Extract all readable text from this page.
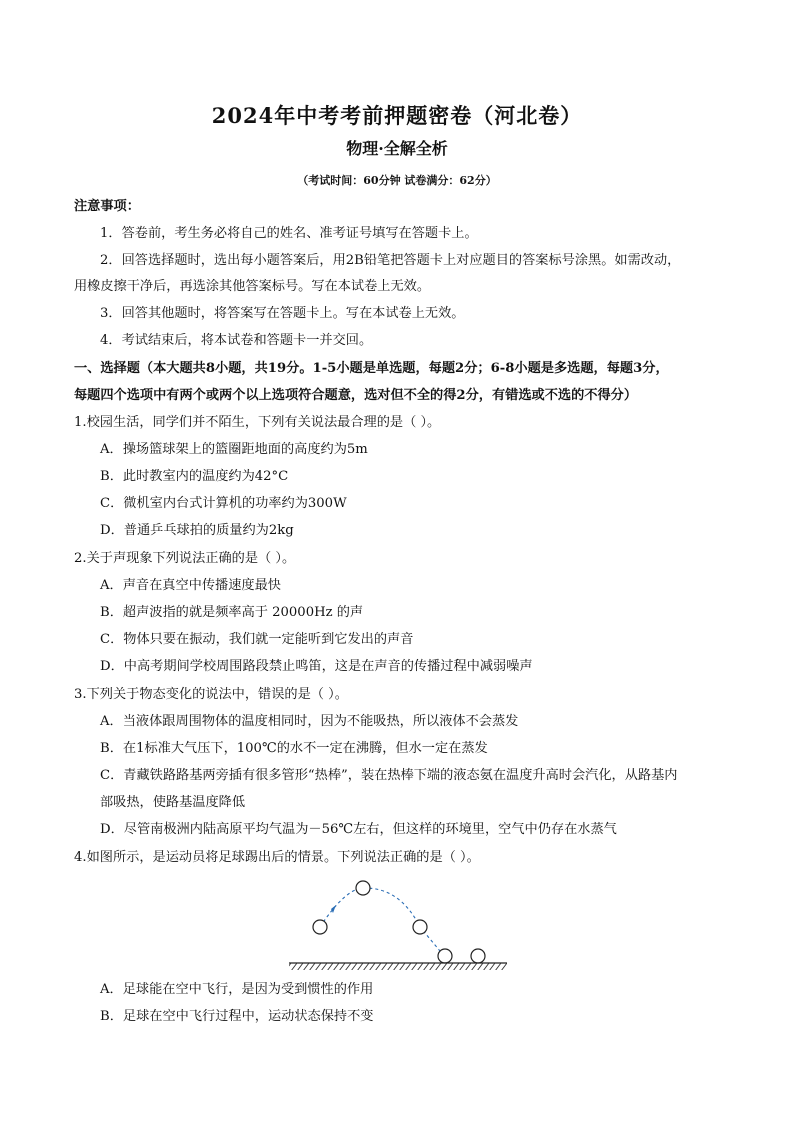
2024年中考考前押题密卷（河北卷）
物理·全解全析
（考试时间：60分钟 试卷满分：62分）
注意事项：
1．答卷前，考生务必将自己的姓名、准考证号填写在答题卡上。
2．回答选择题时，选出每小题答案后，用2B铅笔把答题卡上对应题目的答案标号涂黑。如需改动，
用橡皮擦干净后，再选涂其他答案标号。写在本试卷上无效。
3．回答其他题时，将答案写在答题卡上。写在本试卷上无效。
4．考试结束后，将本试卷和答题卡一并交回。
一、选择题（本大题共8小题，共19分。1-5小题是单选题，每题2分；6-8小题是多选题，每题3分，
每题四个选项中有两个或两个以上选项符合题意，选对但不全的得2分，有错选或不选的不得分）
1.校园生活，同学们并不陌生，下列有关说法最合理的是（ ）。
A．操场篮球架上的篮圈距地面的高度约为5m
B．此时教室内的温度约为42°C
C．微机室内台式计算机的功率约为300W
D．普通乒乓球拍的质量约为2kg
2.关于声现象下列说法正确的是（ ）。
A．声音在真空中传播速度最快
B．超声波指的就是频率高于 20000Hz 的声
C．物体只要在振动，我们就一定能听到它发出的声音
D．中高考期间学校周围路段禁止鸣笛，这是在声音的传播过程中减弱噪声
3.下列关于物态变化的说法中，错误的是（ ）。
A．当液体跟周围物体的温度相同时，因为不能吸热，所以液体不会蒸发
B．在1标准大气压下，100℃的水不一定在沸腾，但水一定在蒸发
C．青藏铁路路基两旁插有很多管形“热棒”，装在热棒下端的液态氨在温度升高时会汽化，从路基内
部吸热，使路基温度降低
D．尽管南极洲内陆高原平均气温为－56℃左右，但这样的环境里，空气中仍存在水蒸气
4.如图所示，是运动员将足球踢出后的情景。下列说法正确的是（ ）。
A．足球能在空中飞行，是因为受到惯性的作用
B．足球在空中飞行过程中，运动状态保持不变
